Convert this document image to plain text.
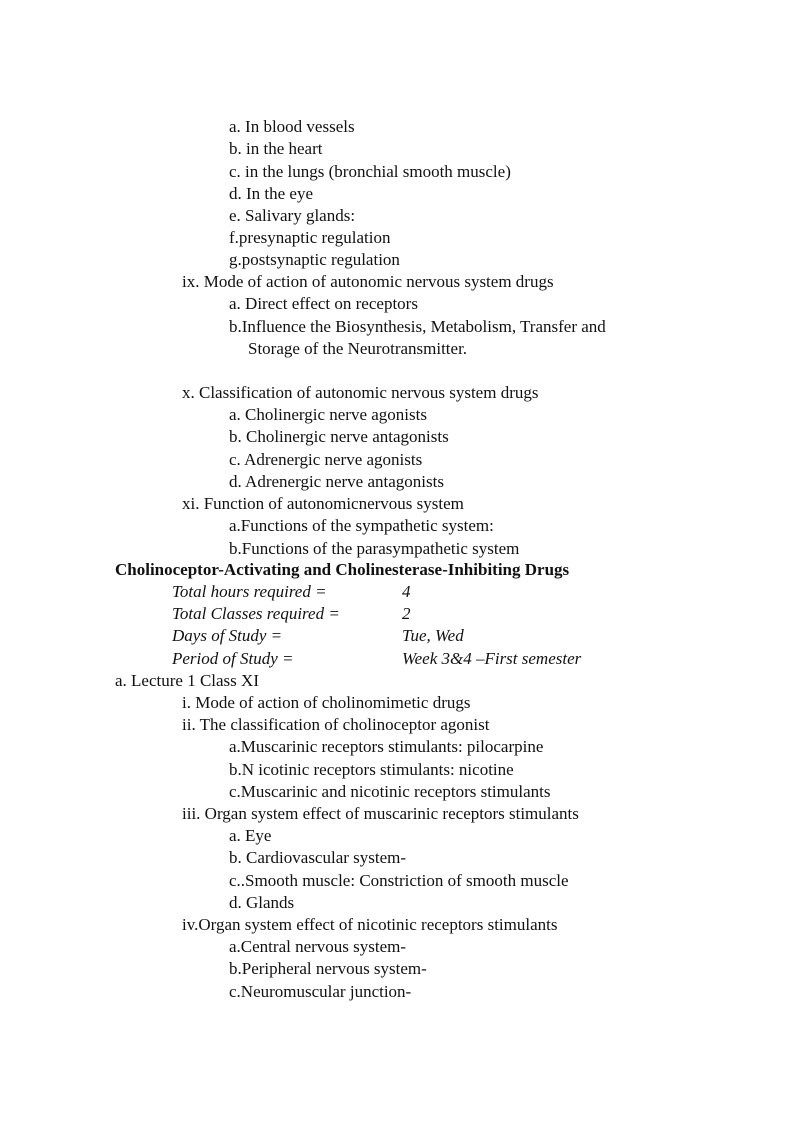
a. In blood vessels
b. in the heart
c. in the lungs (bronchial smooth muscle)
d. In the eye
e. Salivary glands:
f.presynaptic regulation
g.postsynaptic regulation
ix. Mode of action of autonomic nervous system drugs
a. Direct effect on receptors
b.Influence the Biosynthesis, Metabolism, Transfer and
Storage of the Neurotransmitter.
x. Classification of autonomic nervous system drugs
a. Cholinergic nerve agonists
b. Cholinergic nerve antagonists
c. Adrenergic nerve agonists
d. Adrenergic nerve antagonists
xi. Function of autonomicnervous system
a.Functions of the sympathetic system:
b.Functions of the parasympathetic system
Cholinoceptor-Activating and Cholinesterase-Inhibiting Drugs
Total hours required =	4
Total Classes required =	2
Days of Study =	Tue, Wed
Period of Study =	Week 3&4 –First semester
a. Lecture 1 Class XI
i. Mode of action of cholinomimetic drugs
ii. The classification of cholinoceptor agonist
a.Muscarinic receptors stimulants: pilocarpine
b.N icotinic receptors stimulants: nicotine
c.Muscarinic and nicotinic receptors stimulants
iii. Organ system effect of muscarinic receptors stimulants
a. Eye
b. Cardiovascular system-
c..Smooth muscle: Constriction of smooth muscle
d. Glands
iv.Organ system effect of nicotinic receptors stimulants
a.Central nervous system-
b.Peripheral nervous system-
c.Neuromuscular junction-
